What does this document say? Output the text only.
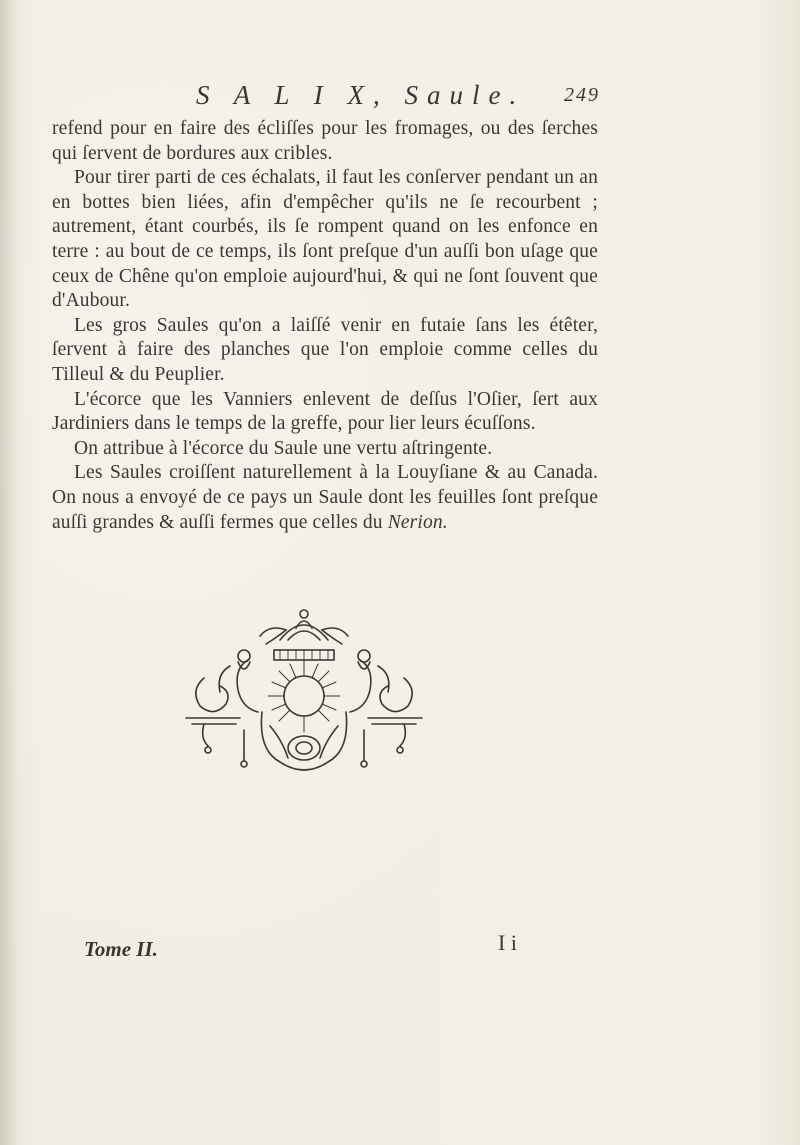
S A L I X, Saule. 249

refend pour en faire des écliſſes pour les fromages, ou des ſerches qui ſervent de bordures aux cribles.

Pour tirer parti de ces échalats, il faut les conſerver pendant un an en bottes bien liées, afin d'empêcher qu'ils ne ſe recourbent ; autrement, étant courbés, ils ſe rompent quand on les enfonce en terre : au bout de ce temps, ils ſont preſque d'un auſſi bon uſage que ceux de Chêne qu'on emploie aujourd'hui, & qui ne ſont ſouvent que d'Aubour.

Les gros Saules qu'on a laiſſé venir en futaie ſans les étêter, ſervent à faire des planches que l'on emploie comme celles du Tilleul & du Peuplier.

L'écorce que les Vanniers enlevent de deſſus l'Oſier, ſert aux Jardiniers dans le temps de la greffe, pour lier leurs écuſſons.

On attribue à l'écorce du Saule une vertu aſtringente.

Les Saules croiſſent naturellement à la Louyſiane & au Canada. On nous a envoyé de ce pays un Saule dont les feuilles ſont preſque auſſi grandes & auſſi fermes que celles du Nerion.

Tome II.	I i
